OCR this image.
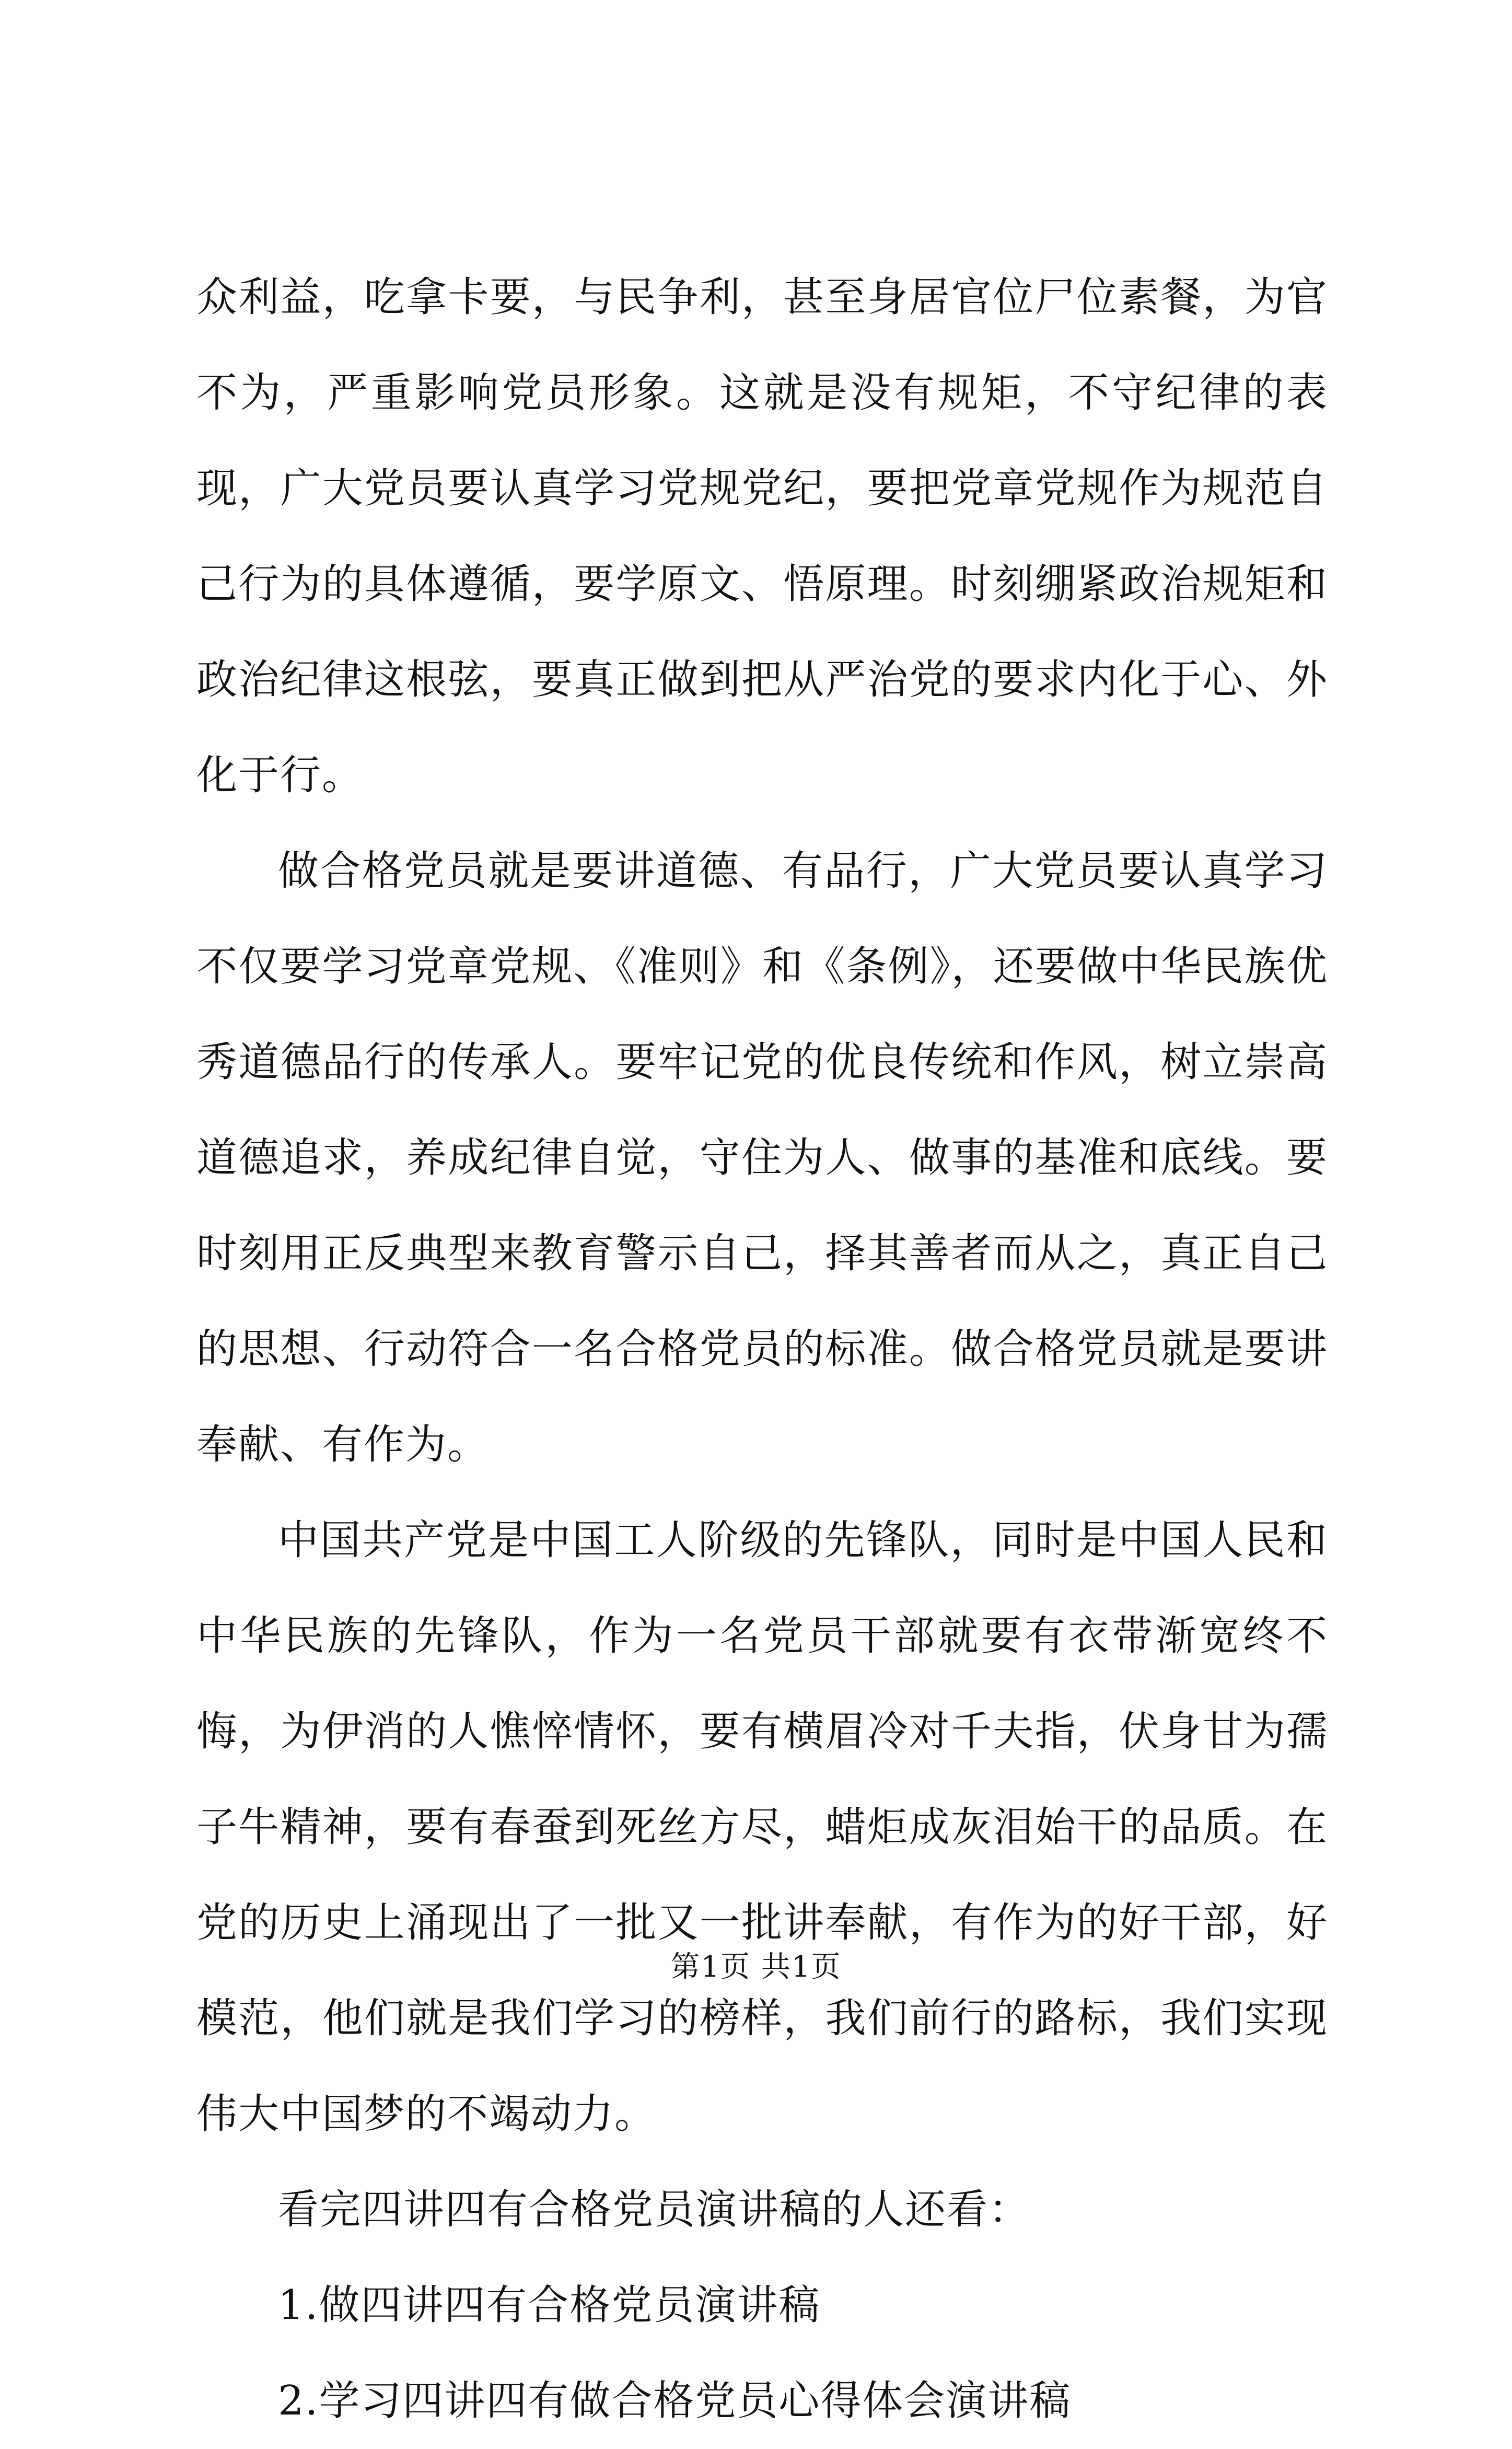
众利益，吃拿卡要，与民争利，甚至身居官位尸位素餐，为官不为，严重影响党员形象。这就是没有规矩，不守纪律的表现，广大党员要认真学习党规党纪，要把党章党规作为规范自己行为的具体遵循，要学原文、悟原理。时刻绷紧政治规矩和政治纪律这根弦，要真正做到把从严治党的要求内化于心、外化于行。

做合格党员就是要讲道德、有品行，广大党员要认真学习不仅要学习党章党规、《准则》和《条例》，还要做中华民族优秀道德品行的传承人。要牢记党的优良传统和作风，树立崇高道德追求，养成纪律自觉，守住为人、做事的基准和底线。要时刻用正反典型来教育警示自己，择其善者而从之，真正自己的思想、行动符合一名合格党员的标准。做合格党员就是要讲奉献、有作为。

中国共产党是中国工人阶级的先锋队，同时是中国人民和中华民族的先锋队，作为一名党员干部就要有衣带渐宽终不悔，为伊消的人憔悴情怀，要有横眉冷对千夫指，伏身甘为孺子牛精神，要有春蚕到死丝方尽，蜡炬成灰泪始干的品质。在党的历史上涌现出了一批又一批讲奉献，有作为的好干部，好模范，他们就是我们学习的榜样，我们前行的路标，我们实现伟大中国梦的不竭动力。

看完四讲四有合格党员演讲稿的人还看：

1.做四讲四有合格党员演讲稿

2.学习四讲四有做合格党员心得体会演讲稿

第1页 共1页
